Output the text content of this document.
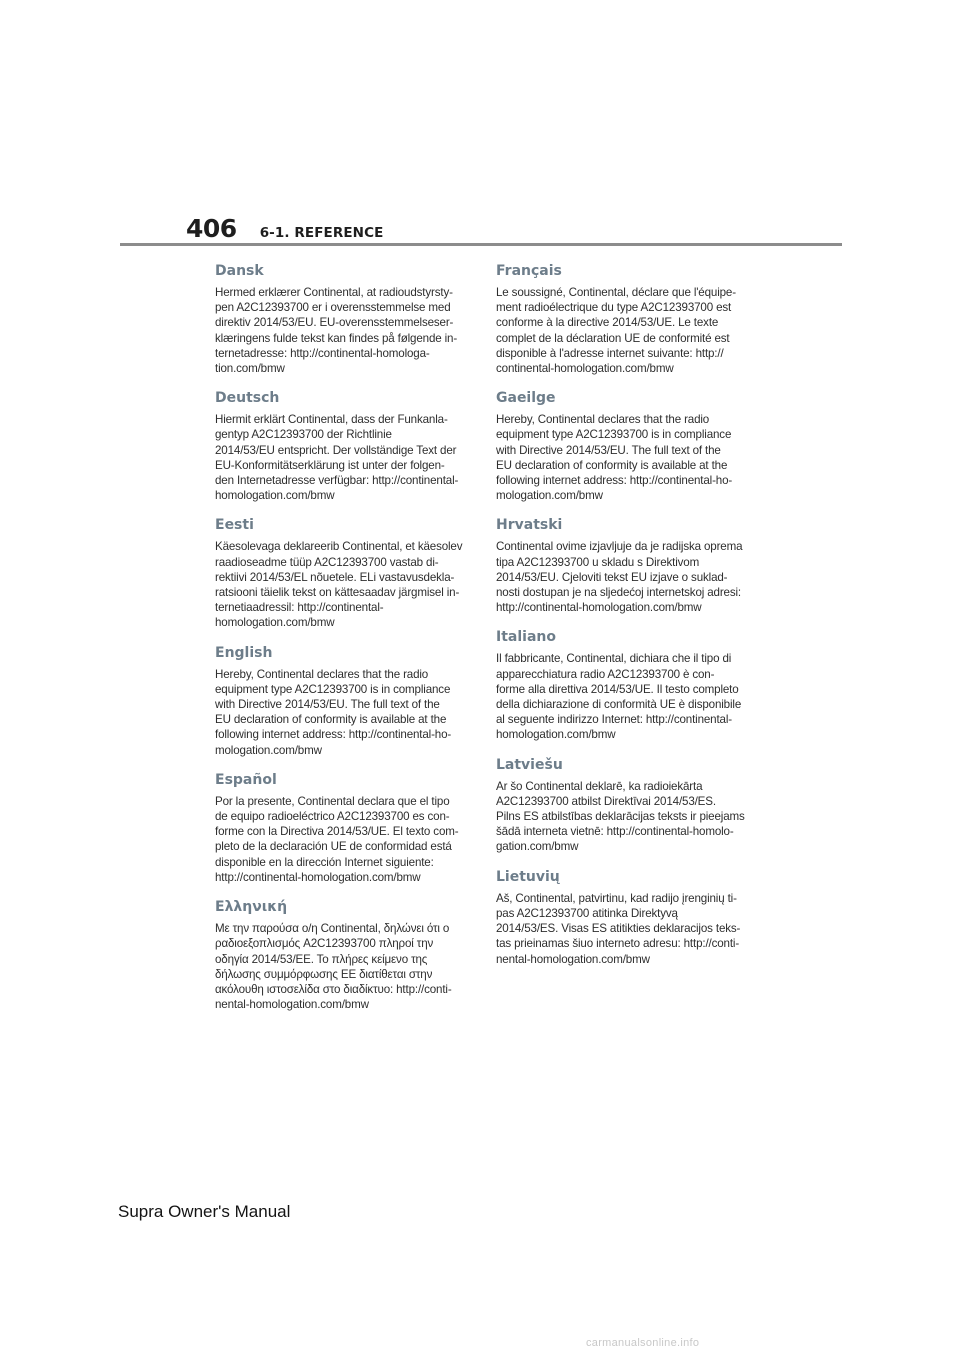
406 6-1. REFERENCE
Dansk
Hermed erklærer Continental, at radioudstyrsty-
pen A2C12393700 er i overensstemmelse med
direktiv 2014/53/EU. EU-overensstemmelseser-
klæringens fulde tekst kan findes på følgende in-
ternetadresse: http://continental-homologa-
tion.com/bmw
Deutsch
Hiermit erklärt Continental, dass der Funkanla-
gentyp A2C12393700 der Richtlinie
2014/53/EU entspricht. Der vollständige Text der
EU-Konformitätserklärung ist unter der folgen-
den Internetadresse verfügbar: http://continental-
homologation.com/bmw
Eesti
Käesolevaga deklareerib Continental, et käesolev
raadioseadme tüüp A2C12393700 vastab di-
rektiivi 2014/53/EL nõuetele. ELi vastavusdekla-
ratsiooni täielik tekst on kättesaadav järgmisel in-
ternetiaadressil: http://continental-
homologation.com/bmw
English
Hereby, Continental declares that the radio
equipment type A2C12393700 is in compliance
with Directive 2014/53/EU. The full text of the
EU declaration of conformity is available at the
following internet address: http://continental-ho-
mologation.com/bmw
Español
Por la presente, Continental declara que el tipo
de equipo radioeléctrico A2C12393700 es con-
forme con la Directiva 2014/53/UE. El texto com-
pleto de la declaración UE de conformidad está
disponible en la dirección Internet siguiente:
http://continental-homologation.com/bmw
Ελληνική
Με την παρούσα ο/η Continental, δηλώνει ότι ο
ραδιοεξοπλισμός A2C12393700 πληροί την
οδηγία 2014/53/ΕΕ. Το πλήρες κείμενο της
δήλωσης συμμόρφωσης ΕΕ διατίθεται στην
ακόλουθη ιστοσελίδα στο διαδίκτυο: http://conti-
nental-homologation.com/bmw
Français
Le soussigné, Continental, déclare que l'équipe-
ment radioélectrique du type A2C12393700 est
conforme à la directive 2014/53/UE. Le texte
complet de la déclaration UE de conformité est
disponible à l'adresse internet suivante: http://
continental-homologation.com/bmw
Gaeilge
Hereby, Continental declares that the radio
equipment type A2C12393700 is in compliance
with Directive 2014/53/EU. The full text of the
EU declaration of conformity is available at the
following internet address: http://continental-ho-
mologation.com/bmw
Hrvatski
Continental ovime izjavljuje da je radijska oprema
tipa A2C12393700 u skladu s Direktivom
2014/53/EU. Cjeloviti tekst EU izjave o suklad-
nosti dostupan je na sljedećoj internetskoj adresi:
http://continental-homologation.com/bmw
Italiano
Il fabbricante, Continental, dichiara che il tipo di
apparecchiatura radio A2C12393700 è con-
forme alla direttiva 2014/53/UE. Il testo completo
della dichiarazione di conformità UE è disponibile
al seguente indirizzo Internet: http://continental-
homologation.com/bmw
Latviešu
Ar šo Continental deklarē, ka radioiekārta
A2C12393700 atbilst Direktīvai 2014/53/ES.
Pilns ES atbilstības deklarācijas teksts ir pieejams
šādā interneta vietnē: http://continental-homolo-
gation.com/bmw
Lietuvių
Aš, Continental, patvirtinu, kad radijo įrenginių ti-
pas A2C12393700 atitinka Direktyvą
2014/53/ES. Visas ES atitikties deklaracijos teks-
tas prieinamas šiuo interneto adresu: http://conti-
nental-homologation.com/bmw
Supra Owner's Manual
carmanualsonline.info
